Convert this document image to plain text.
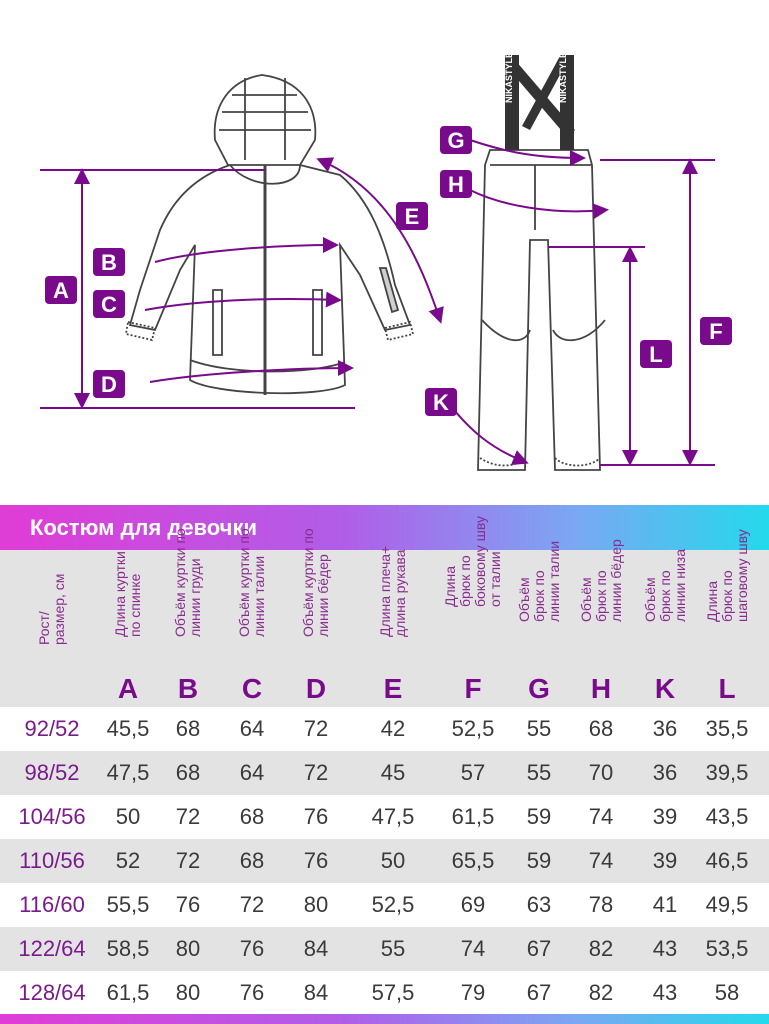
NIKASTYLE	NIKASTYLE
A
B
C
D
E
G
H
F
L
K
Костюм для девочки
Рост/
размер, см
Длина куртки
по спинке
A
Объём куртки по
линии груди
B
Объём куртки по
линии талии
C
Объём куртки по
линии бёдер
D
Длина плеча+
длина рукава
E
Длина
брюк по
боковому шву
от талии
F
Объём
брюк по
линии талии
G
Объём
брюк по
линии бёдер
H
Объём
брюк по
линии низа
K
Длина
брюк по
шаговому шву
L
92/52	45,5	68	64	72	42	52,5	55	68	36	35,5
98/52	47,5	68	64	72	45	57	55	70	36	39,5
104/56	50	72	68	76	47,5	61,5	59	74	39	43,5
110/56	52	72	68	76	50	65,5	59	74	39	46,5
116/60 55,5	76	72	80	52,5	69	63	78	41	49,5
122/64 58,5	80	76	84	55	74	67	82	43	53,5
128/64 61,5	80	76	84	57,5	79	67	82	43	58
